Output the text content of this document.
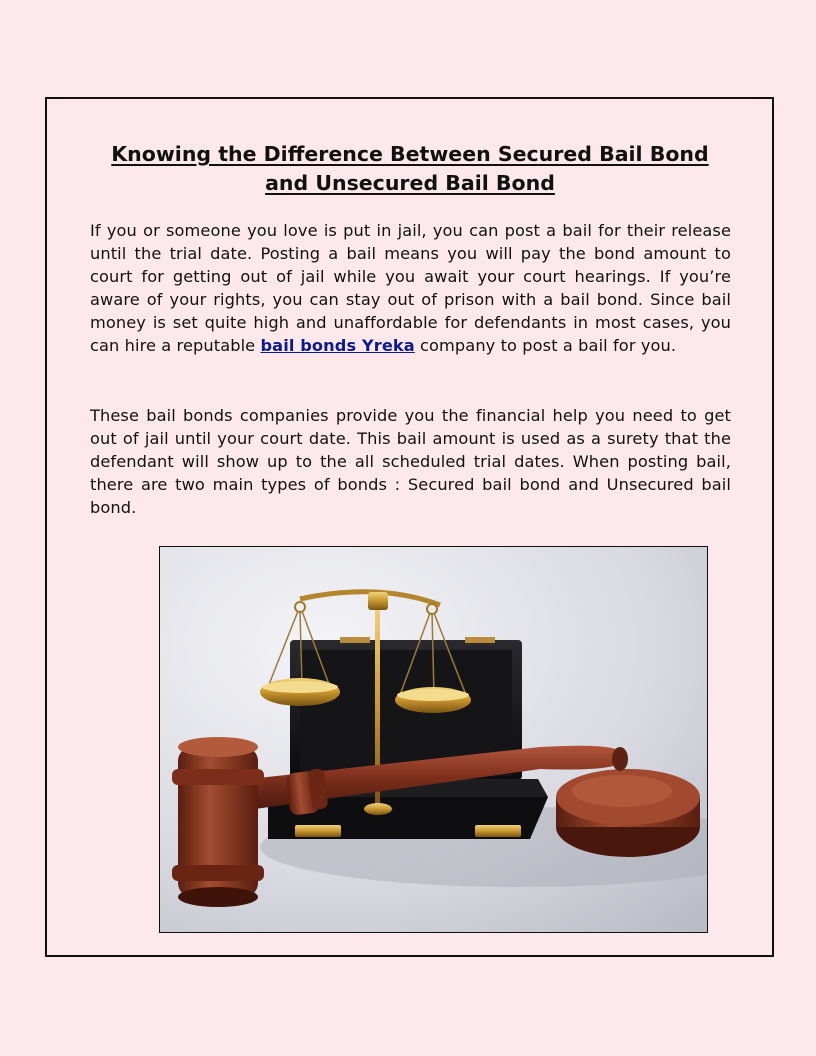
Knowing the Difference Between Secured Bail Bond
and Unsecured Bail Bond

If you or someone you love is put in jail, you can post a bail for their release until the trial date. Posting a bail means you will pay the bond amount to court for getting out of jail while you await your court hearings. If you’re aware of your rights, you can stay out of prison with a bail bond. Since bail money is set quite high and unaffordable for defendants in most cases, you can hire a reputable bail bonds Yreka company to post a bail for you.

These bail bonds companies provide you the financial help you need to get out of jail until your court date. This bail amount is used as a surety that the defendant will show up to the all scheduled trial dates. When posting bail, there are two main types of bonds : Secured bail bond and Unsecured bail bond.
